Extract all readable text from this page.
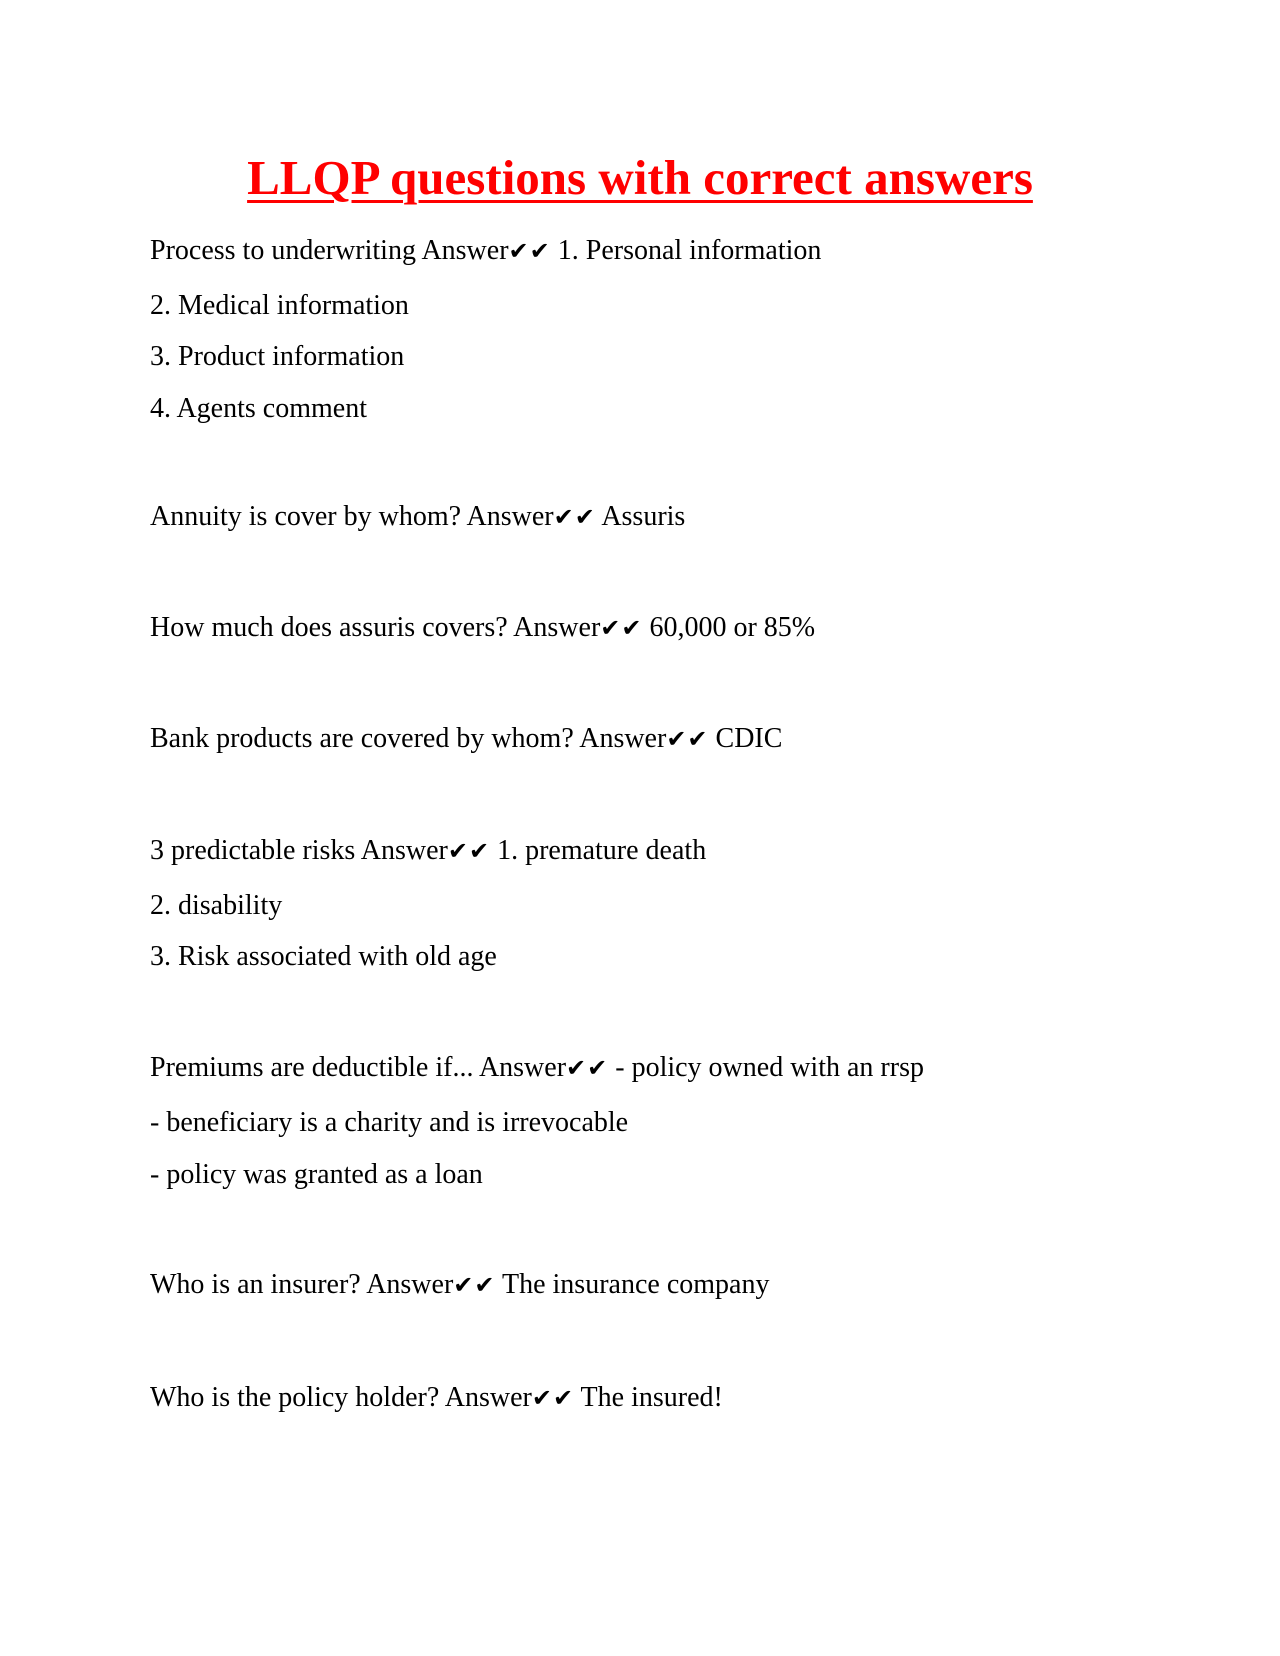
LLQP questions with correct answers

Process to underwriting Answer✔✔ 1. Personal information

2. Medical information

3. Product information

4. Agents comment

Annuity is cover by whom? Answer✔✔ Assuris

How much does assuris covers? Answer✔✔ 60,000 or 85%

Bank products are covered by whom? Answer✔✔ CDIC

3 predictable risks Answer✔✔ 1. premature death

2. disability

3. Risk associated with old age

Premiums are deductible if... Answer✔✔ - policy owned with an rrsp

- beneficiary is a charity and is irrevocable

- policy was granted as a loan

Who is an insurer? Answer✔✔ The insurance company

Who is the policy holder? Answer✔✔ The insured!
